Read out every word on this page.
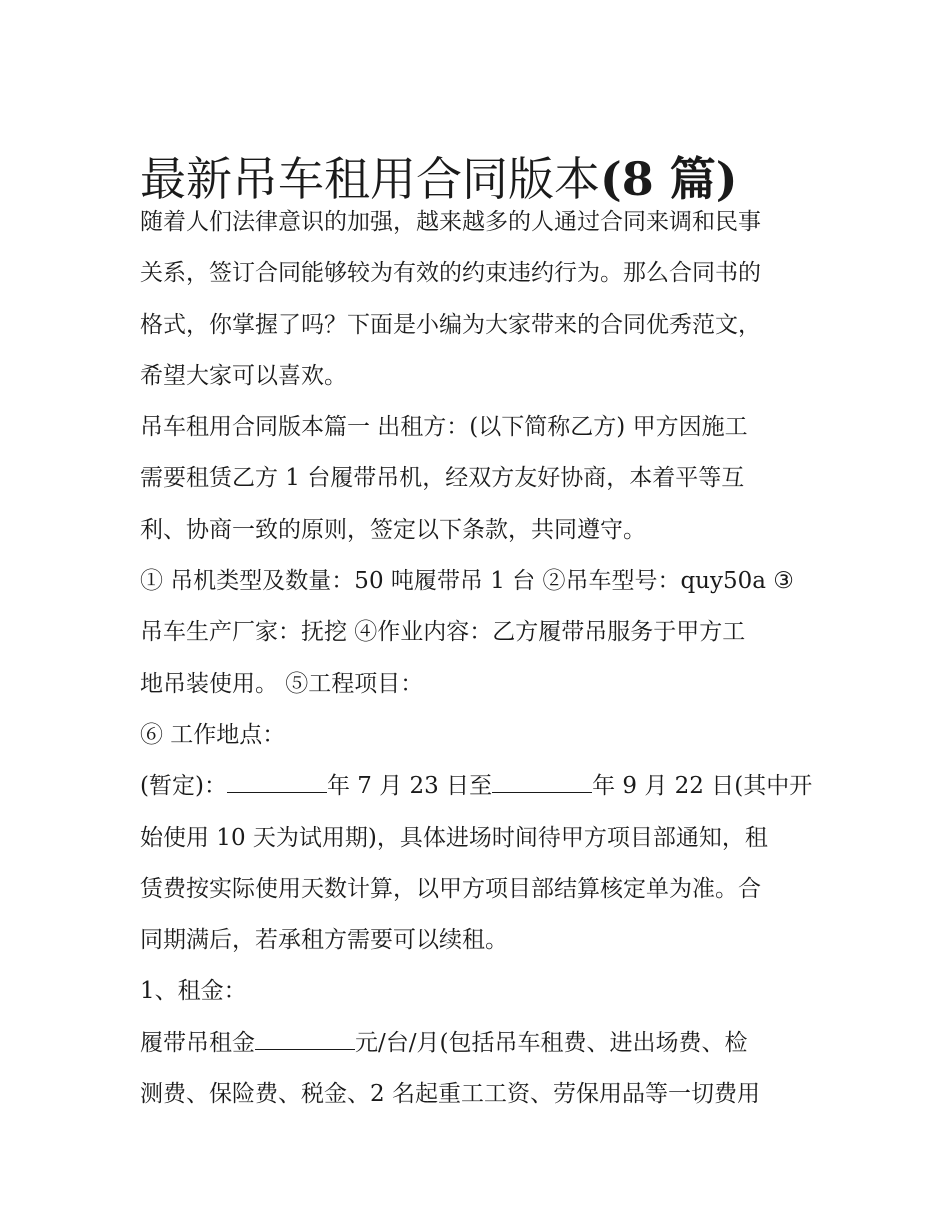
最新吊车租用合同版本(8 篇)
随着人们法律意识的加强，越来越多的人通过合同来调和民事
关系，签订合同能够较为有效的约束违约行为。那么合同书的
格式，你掌握了吗？下面是小编为大家带来的合同优秀范文，
希望大家可以喜欢。
吊车租用合同版本篇一 出租方：(以下简称乙方) 甲方因施工
需要租赁乙方 1 台履带吊机，经双方友好协商，本着平等互
利、协商一致的原则，签定以下条款，共同遵守。
① 吊机类型及数量：50 吨履带吊 1 台 ②吊车型号：quy50a ③
吊车生产厂家：抚挖 ④作业内容：乙方履带吊服务于甲方工
地吊装使用。 ⑤工程项目：
⑥ 工作地点：
(暂定)：	年 7 月 23 日至	年 9 月 22 日(其中开
始使用 10 天为试用期)，具体进场时间待甲方项目部通知，租
赁费按实际使用天数计算，以甲方项目部结算核定单为准。合
同期满后，若承租方需要可以续租。
1、租金：
履带吊租金	元/台/月(包括吊车租费、进出场费、检
测费、保险费、税金、2 名起重工工资、劳保用品等一切费用
